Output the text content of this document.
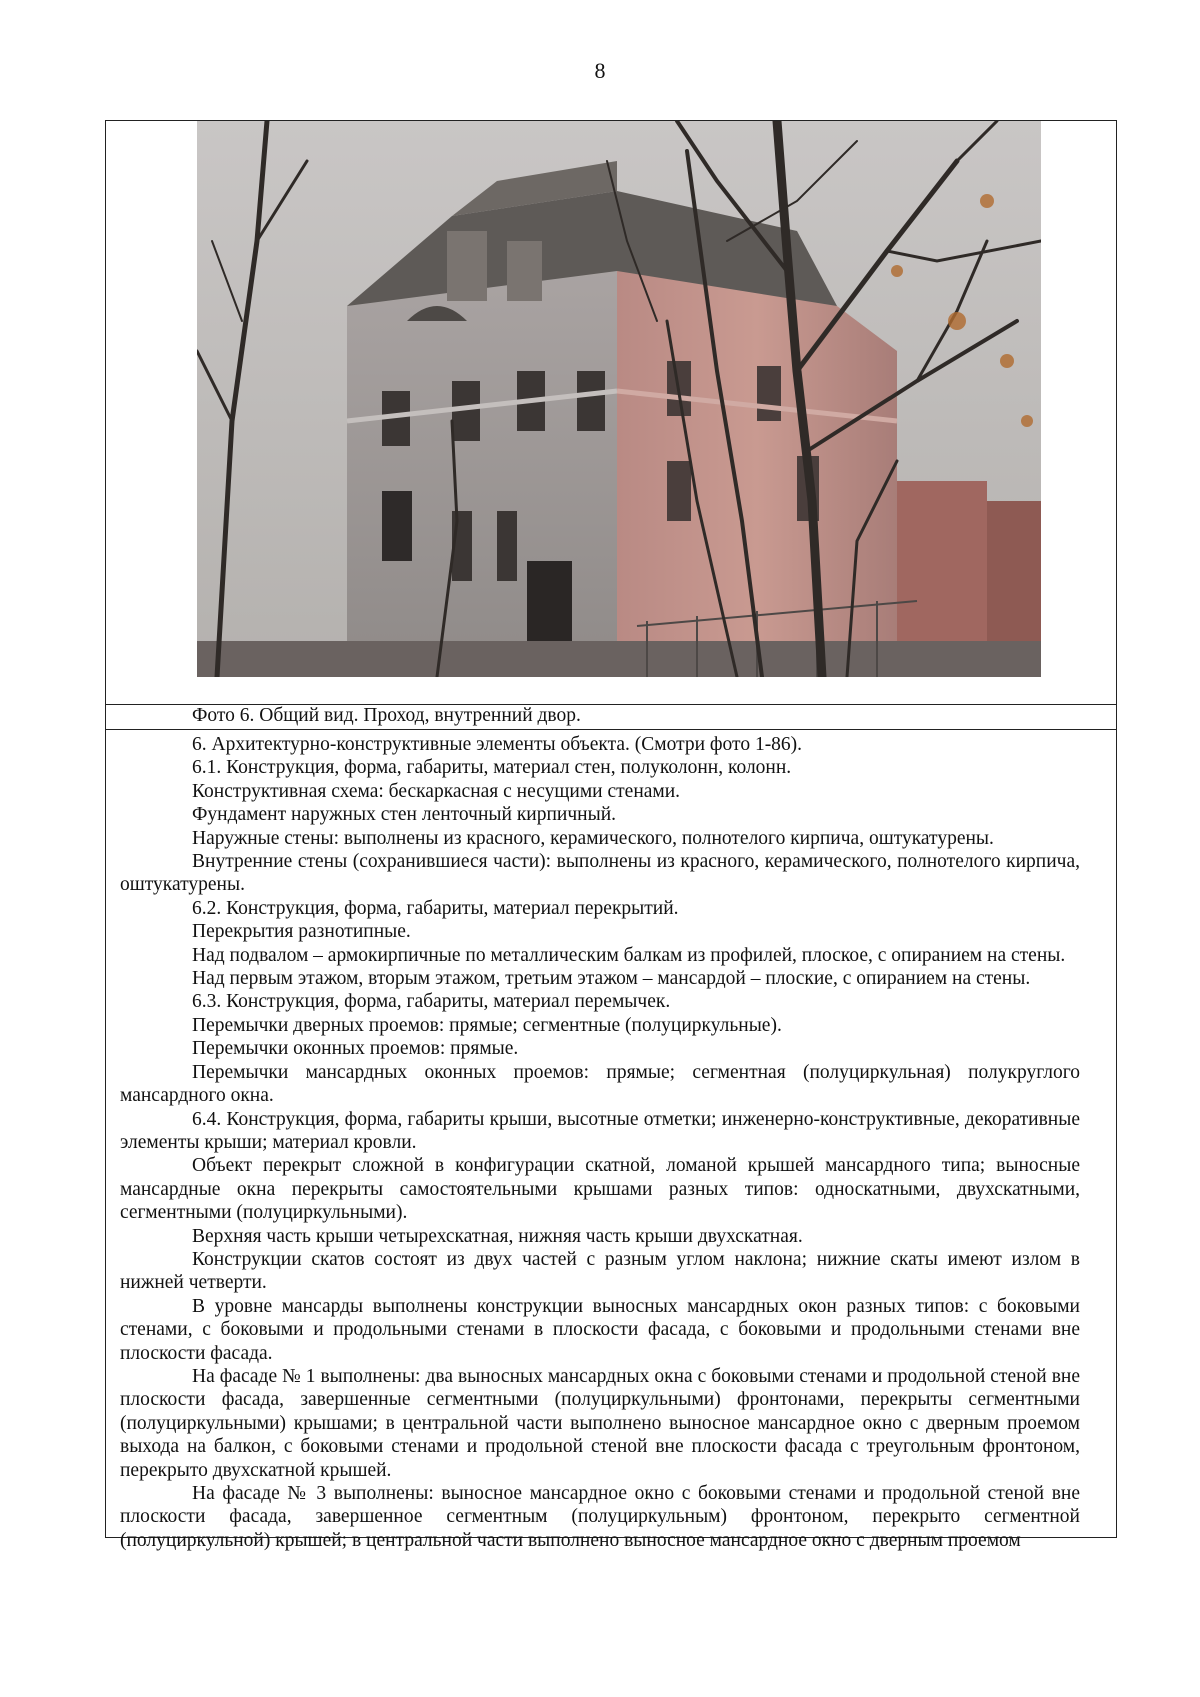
8
Фото 6. Общий вид. Проход, внутренний двор.

6. Архитектурно-конструктивные элементы объекта. (Смотри фото 1-86).

6.1. Конструкция, форма, габариты, материал стен, полуколонн, колонн.

Конструктивная схема: бескаркасная с несущими стенами.

Фундамент наружных стен ленточный кирпичный.

Наружные стены: выполнены из красного, керамического, полнотелого кирпича, оштукатурены.

Внутренние стены (сохранившиеся части): выполнены из красного, керамического, полнотелого кирпича, оштукатурены.

6.2. Конструкция, форма, габариты, материал перекрытий.

Перекрытия разнотипные.

Над подвалом – армокирпичные по металлическим балкам из профилей, плоское, с опиранием на стены.

Над первым этажом, вторым этажом, третьим этажом – мансардой – плоские, с опиранием на стены.

6.3. Конструкция, форма, габариты, материал перемычек.

Перемычки дверных проемов: прямые; сегментные (полуциркульные).

Перемычки оконных проемов: прямые.

Перемычки мансардных оконных проемов: прямые; сегментная (полуциркульная) полукруглого мансардного окна.

6.4. Конструкция, форма, габариты крыши, высотные отметки; инженерно-конструктивные, декоративные элементы крыши; материал кровли.

Объект перекрыт сложной в конфигурации скатной, ломаной крышей мансардного типа; выносные мансардные окна перекрыты самостоятельными крышами разных типов: односкатными, двухскатными, сегментными (полуциркульными).

Верхняя часть крыши четырехскатная, нижняя часть крыши двухскатная.

Конструкции скатов состоят из двух частей с разным углом наклона; нижние скаты имеют излом в нижней четверти.

В уровне мансарды выполнены конструкции выносных мансардных окон разных типов: с боковыми стенами, с боковыми и продольными стенами в плоскости фасада, с боковыми и продольными стенами вне плоскости фасада.

На фасаде № 1 выполнены: два выносных мансардных окна с боковыми стенами и продольной стеной вне плоскости фасада, завершенные сегментными (полуциркульными) фронтонами, перекрыты сегментными (полуциркульными) крышами; в центральной части выполнено выносное мансардное окно с дверным проемом выхода на балкон, с боковыми стенами и продольной стеной вне плоскости фасада с треугольным фронтоном, перекрыто двухскатной крышей.

На фасаде № 3 выполнены: выносное мансардное окно с боковыми стенами и продольной стеной вне плоскости фасада, завершенное сегментным (полуциркульным) фронтоном, перекрыто сегментной (полуциркульной) крышей; в центральной части выполнено выносное мансардное окно с дверным проемом
